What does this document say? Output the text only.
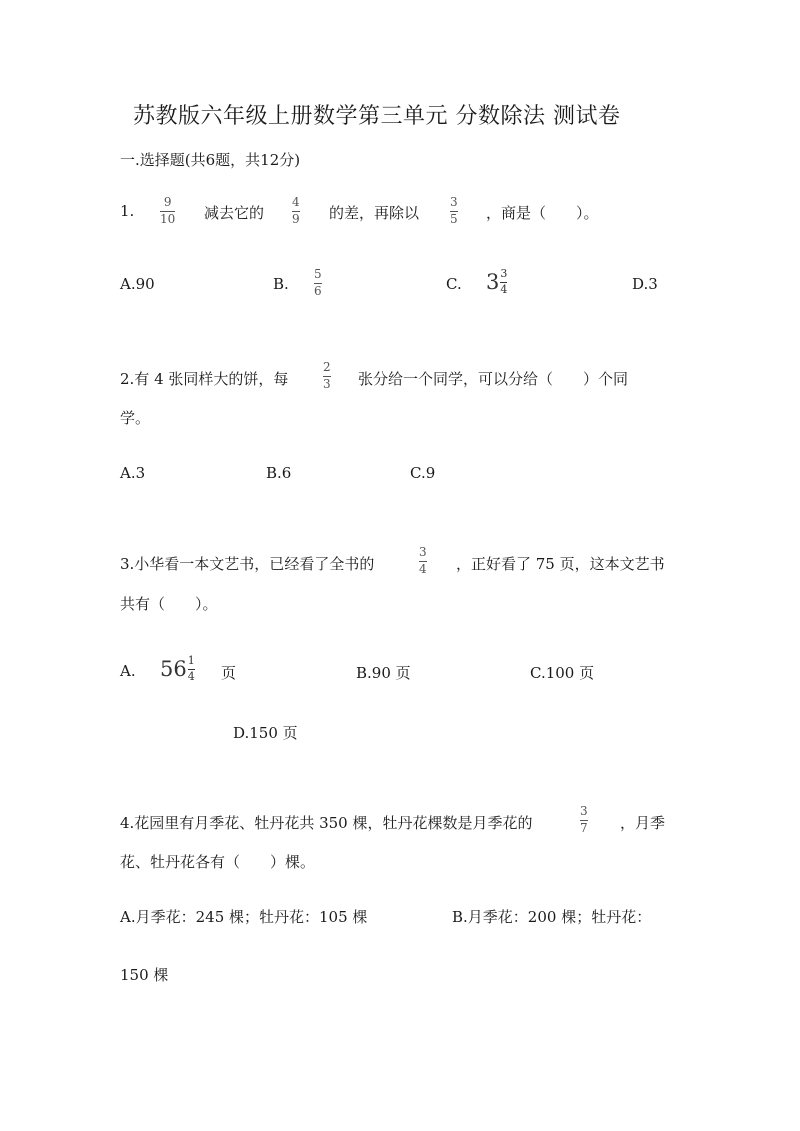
苏教版六年级上册数学第三单元 分数除法 测试卷
一.选择题(共6题，共12分)
1. 9
10 减去它的
4
9 的差，再除以
3
5 ，商是（　　）。
A.90	B.
5
6	C. $3 \frac{3}{4}$	D.3
2.有 4 张同样大的饼，每
2
3 张分给一个同学，可以分给（　　）个同
学。
A.3	B.6	C.9
3.小华看一本文艺书，已经看了全书的
3
4 ，正好看了 75 页，这本文艺书
共有（　　）。
A. $56 \frac{1}{4}$ 页	B.90 页	C.100 页
D.150 页
4.花园里有月季花、牡丹花共 350 棵，牡丹花棵数是月季花的
3
7 ，月季
花、牡丹花各有（　　）棵。
A.月季花：245 棵；牡丹花：105 棵	B.月季花：200 棵；牡丹花：
150 棵
